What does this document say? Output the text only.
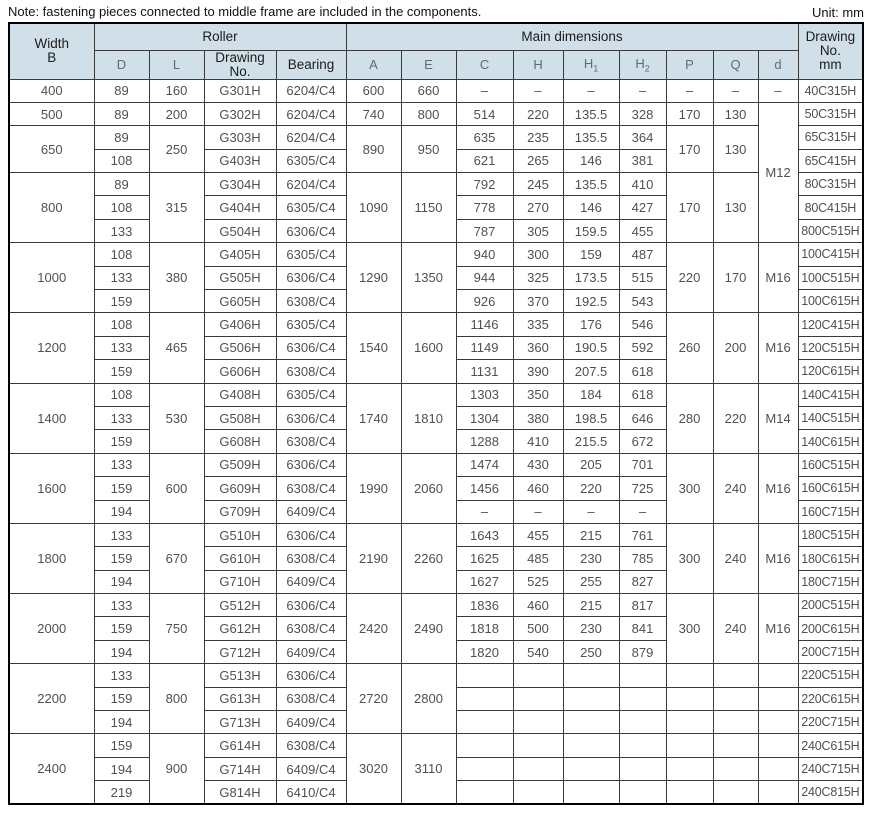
Note: fastening pieces connected to middle frame are included in the components.	Unit: mm
Width
B	Roller				Main dimensions									Drawing No.
mm
	D	L	Drawing
No.	Bearing	A	E	C	H	$H_1$	$H_2$	P	Q	d	
400	89	160	G301H	6204/C4	600	660	–	–	–	–	–	–	–	40C315H
500	89	200	G302H	6204/C4	740	800	514	220	135.5	328	170	130	M12	50C315H
650	89	250	G303H	6204/C4	890	950	635	235	135.5	364	170	130		65C315H
	108		G403H	6305/C4			621	265	146	381				65C415H
800	89	315	G304H	6204/C4	1090	1150	792	245	135.5	410	170	130		80C315H
	108		G404H	6305/C4			778	270	146	427				80C415H
	133		G504H	6306/C4			787	305	159.5	455				800C515H
1000	108	380	G405H	6305/C4	1290	1350	940	300	159	487	220	170	M16	100C415H
	133		G505H	6306/C4			944	325	173.5	515				100C515H
	159		G605H	6308/C4			926	370	192.5	543				100C615H
1200	108	465	G406H	6305/C4	1540	1600	1146	335	176	546	260	200	M16	120C415H
	133		G506H	6306/C4			1149	360	190.5	592				120C515H
	159		G606H	6308/C4			1131	390	207.5	618				120C615H
1400	108	530	G408H	6305/C4	1740	1810	1303	350	184	618	280	220	M14	140C415H
	133		G508H	6306/C4			1304	380	198.5	646				140C515H
	159		G608H	6308/C4			1288	410	215.5	672				140C615H
1600	133	600	G509H	6306/C4	1990	2060	1474	430	205	701	300	240	M16	160C515H
	159		G609H	6308/C4			1456	460	220	725				160C615H
	194		G709H	6409/C4			–	–	–	–				160C715H
1800	133	670	G510H	6306/C4	2190	2260	1643	455	215	761	300	240	M16	180C515H
	159		G610H	6308/C4			1625	485	230	785				180C615H
	194		G710H	6409/C4			1627	525	255	827				180C715H
2000	133	750	G512H	6306/C4	2420	2490	1836	460	215	817	300	240	M16	200C515H
	159		G612H	6308/C4			1818	500	230	841				200C615H
	194		G712H	6409/C4			1820	540	250	879				200C715H
2200	133	800	G513H	6306/C4	2720	2800								220C515H
	159		G613H	6308/C4										220C615H
	194		G713H	6409/C4										220C715H
2400	159	900	G614H	6308/C4	3020	3110								240C615H
	194		G714H	6409/C4										240C715H
	219		G814H	6410/C4										240C815H
